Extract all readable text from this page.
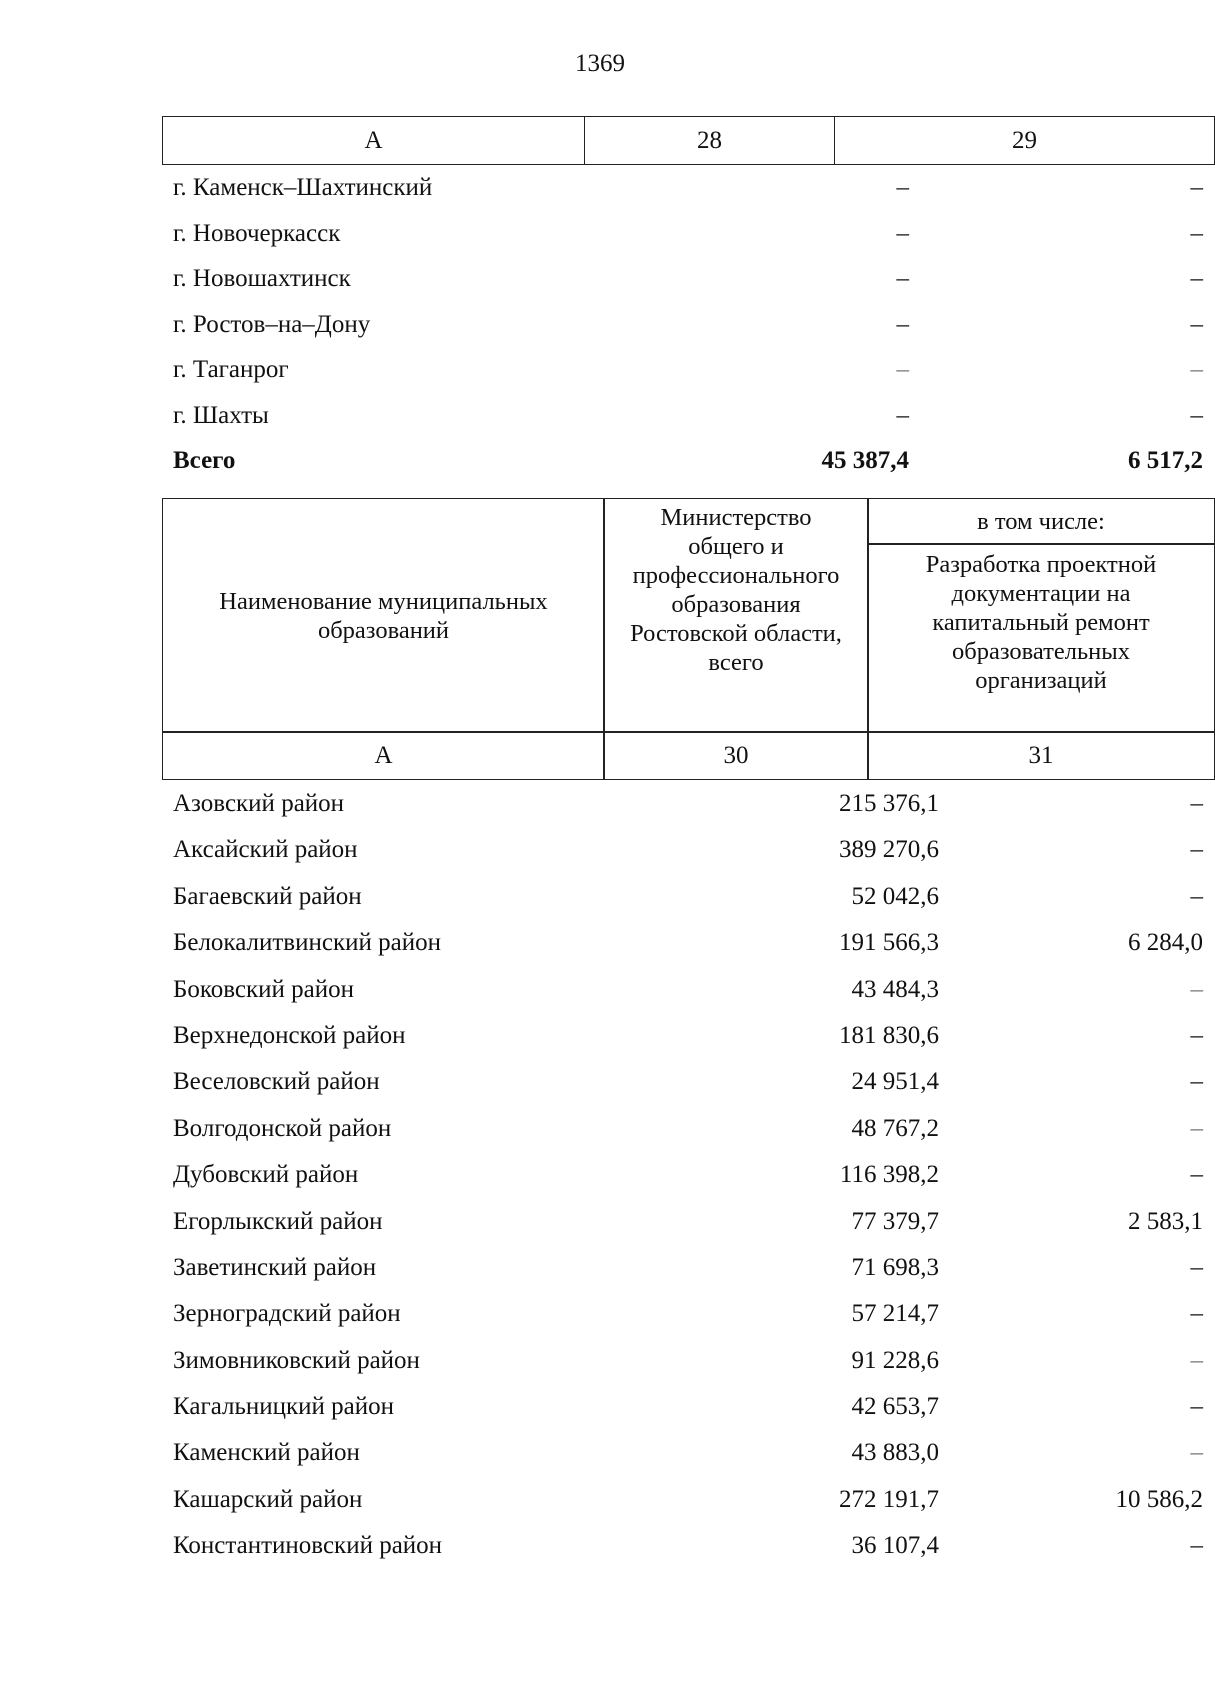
1369
А	28	29
г. Каменск–Шахтинский	–	–
г. Новочеркасск	–	–
г. Новошахтинск	–	–
г. Ростов–на–Дону	–	–
г. Таганрог	–	–
г. Шахты	–	–
Всего	45 387,4	6 517,2
Наименование муниципальных образований
Министерство общего и профессионального образования Ростовской области, всего
в том числе:
Разработка проектной документации на капитальный ремонт образовательных организаций
А	30	31
Азовский район	215 376,1	–
Аксайский район	389 270,6	–
Багаевский район	52 042,6	–
Белокалитвинский район	191 566,3	6 284,0
Боковский район	43 484,3	–
Верхнедонской район	181 830,6	–
Веселовский район	24 951,4	–
Волгодонской район	48 767,2	–
Дубовский район	116 398,2	–
Егорлыкский район	77 379,7	2 583,1
Заветинский район	71 698,3	–
Зерноградский район	57 214,7	–
Зимовниковский район	91 228,6	–
Кагальницкий район	42 653,7	–
Каменский район	43 883,0	–
Кашарский район	272 191,7	10 586,2
Константиновский район	36 107,4	–
